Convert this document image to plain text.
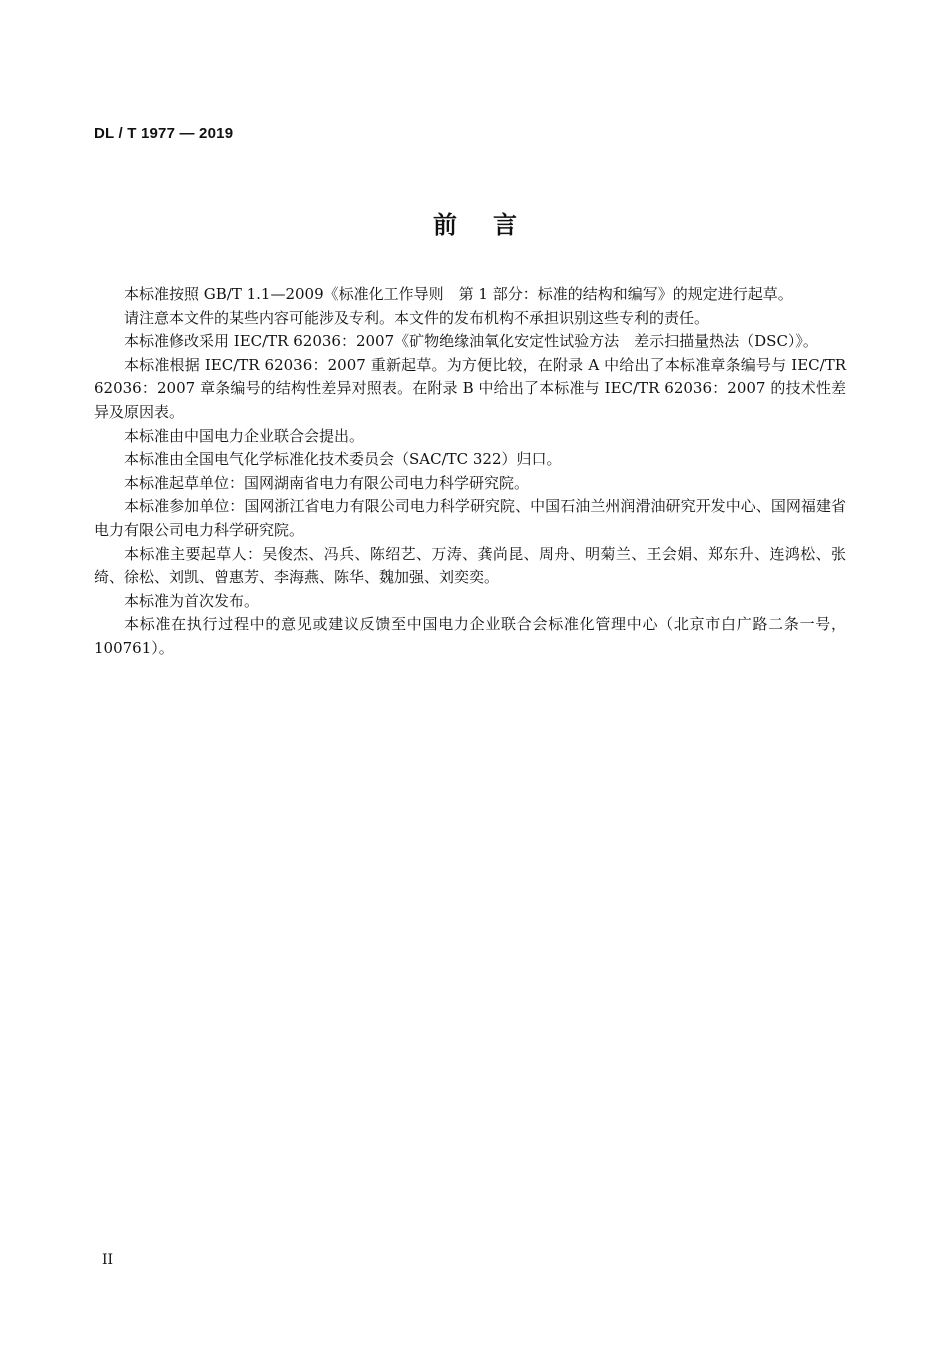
DL / T 1977 — 2019
前言

本标准按照 GB/T 1.1—2009《标准化工作导则　第 1 部分：标准的结构和编写》的规定进行起草。

请注意本文件的某些内容可能涉及专利。本文件的发布机构不承担识别这些专利的责任。

本标准修改采用 IEC/TR 62036：2007《矿物绝缘油氧化安定性试验方法　差示扫描量热法（DSC）》。

本标准根据 IEC/TR 62036：2007 重新起草。为方便比较，在附录 A 中给出了本标准章条编号与 IEC/TR 62036：2007 章条编号的结构性差异对照表。在附录 B 中给出了本标准与 IEC/TR 62036：2007 的技术性差异及原因表。

本标准由中国电力企业联合会提出。

本标准由全国电气化学标准化技术委员会（SAC/TC 322）归口。

本标准起草单位：国网湖南省电力有限公司电力科学研究院。

本标准参加单位：国网浙江省电力有限公司电力科学研究院、中国石油兰州润滑油研究开发中心、国网福建省电力有限公司电力科学研究院。

本标准主要起草人：吴俊杰、冯兵、陈绍艺、万涛、龚尚昆、周舟、明菊兰、王会娟、郑东升、连鸿松、张绮、徐松、刘凯、曾惠芳、李海燕、陈华、魏加强、刘奕奕。

本标准为首次发布。

本标准在执行过程中的意见或建议反馈至中国电力企业联合会标准化管理中心（北京市白广路二条一号，100761）。

II
